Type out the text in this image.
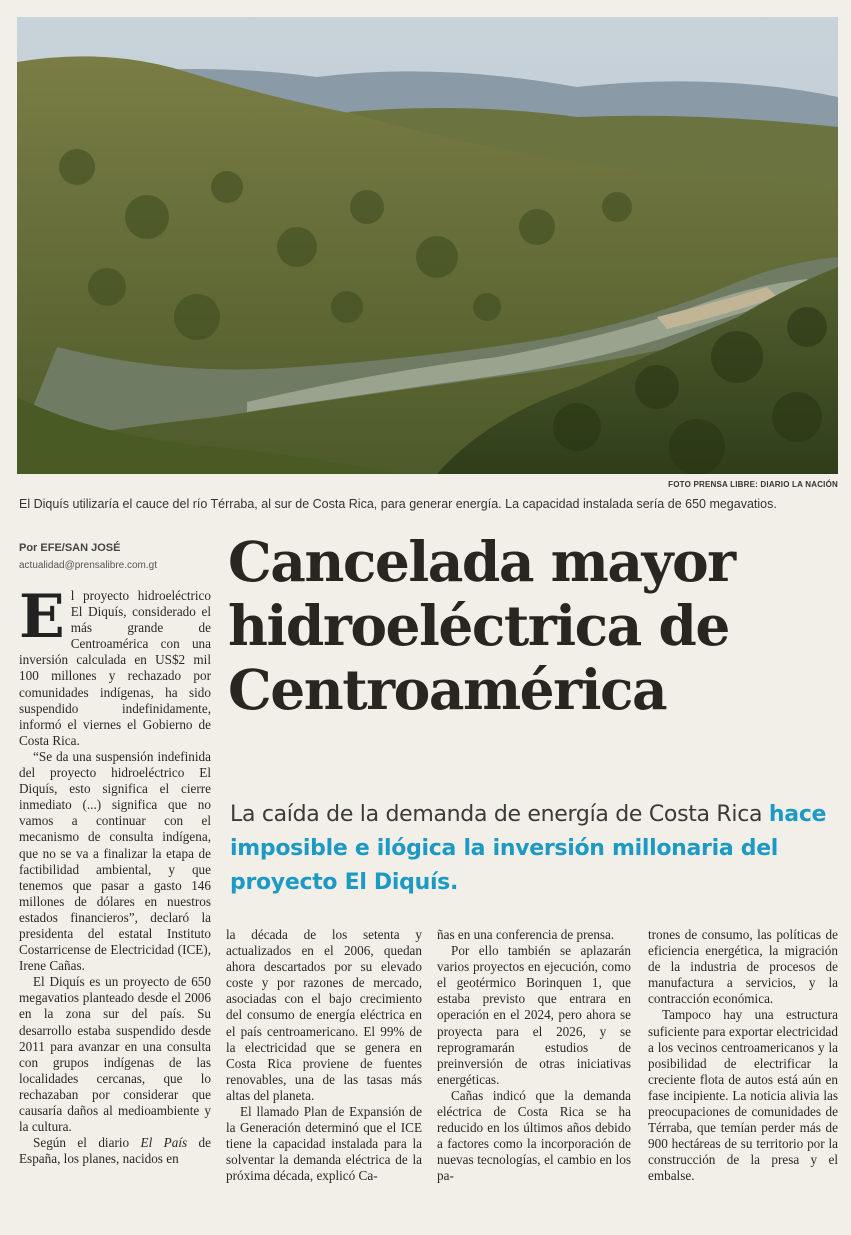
FOTO PRENSA LIBRE: DIARIO LA NACIÓN
El Diquís utilizaría el cauce del río Térraba, al sur de Costa Rica, para generar energía. La capacidad instalada sería de 650 megavatios.
Por EFE/SAN JOSÉ
actualidad@prensalibre.com.gt Cancelada mayor
hidroeléctrica de
Centroamérica
La caída de la demanda de energía de Costa Rica hace imposible e ilógica la inversión millonaria del proyecto El Diquís.
E l proyecto hidroeléctrico El Diquís, considerado el más grande de Centroamérica con una inversión calculada en US$2 mil 100 millones y rechazado por comunidades indígenas, ha sido suspendido indefinidamente, informó el viernes el Gobierno de Costa Rica.

“Se da una suspensión indefinida del proyecto hidroeléctrico El Diquís, esto significa el cierre inmediato (...) significa que no vamos a continuar con el mecanismo de consulta indígena, que no se va a finalizar la etapa de factibilidad ambiental, y que tenemos que pasar a gasto 146 millones de dólares en nuestros estados financieros”, declaró la presidenta del estatal Instituto Costarricense de Electricidad (ICE), Irene Cañas.

El Diquís es un proyecto de 650 megavatios planteado desde el 2006 en la zona sur del país. Su desarrollo estaba suspendido desde 2011 para avanzar en una consulta con grupos indígenas de las localidades cercanas, que lo rechazaban por considerar que causaría daños al medioambiente y la cultura.

Según el diario El País de España, los planes, nacidos en

la década de los setenta y actualizados en el 2006, quedan ahora descartados por su elevado coste y por razones de mercado, asociadas con el bajo crecimiento del consumo de energía eléctrica en el país centroamericano. El 99% de la electricidad que se genera en Costa Rica proviene de fuentes renovables, una de las tasas más altas del planeta.

El llamado Plan de Expansión de la Generación determinó que el ICE tiene la capacidad instalada para la solventar la demanda eléctrica de la próxima década, explicó Ca-

ñas en una conferencia de prensa.

Por ello también se aplazarán varios proyectos en ejecución, como el geotérmico Borinquen 1, que estaba previsto que entrara en operación en el 2024, pero ahora se proyecta para el 2026, y se reprogramarán estudios de preinversión de otras iniciativas energéticas.

Cañas indicó que la demanda eléctrica de Costa Rica se ha reducido en los últimos años debido a factores como la incorporación de nuevas tecnologías, el cambio en los pa-

trones de consumo, las políticas de eficiencia energética, la migración de la industria de procesos de manufactura a servicios, y la contracción económica.

Tampoco hay una estructura suficiente para exportar electricidad a los vecinos centroamericanos y la posibilidad de electrificar la creciente flota de autos está aún en fase incipiente. La noticia alivia las preocupaciones de comunidades de Térraba, que temían perder más de 900 hectáreas de su territorio por la construcción de la presa y el embalse.
